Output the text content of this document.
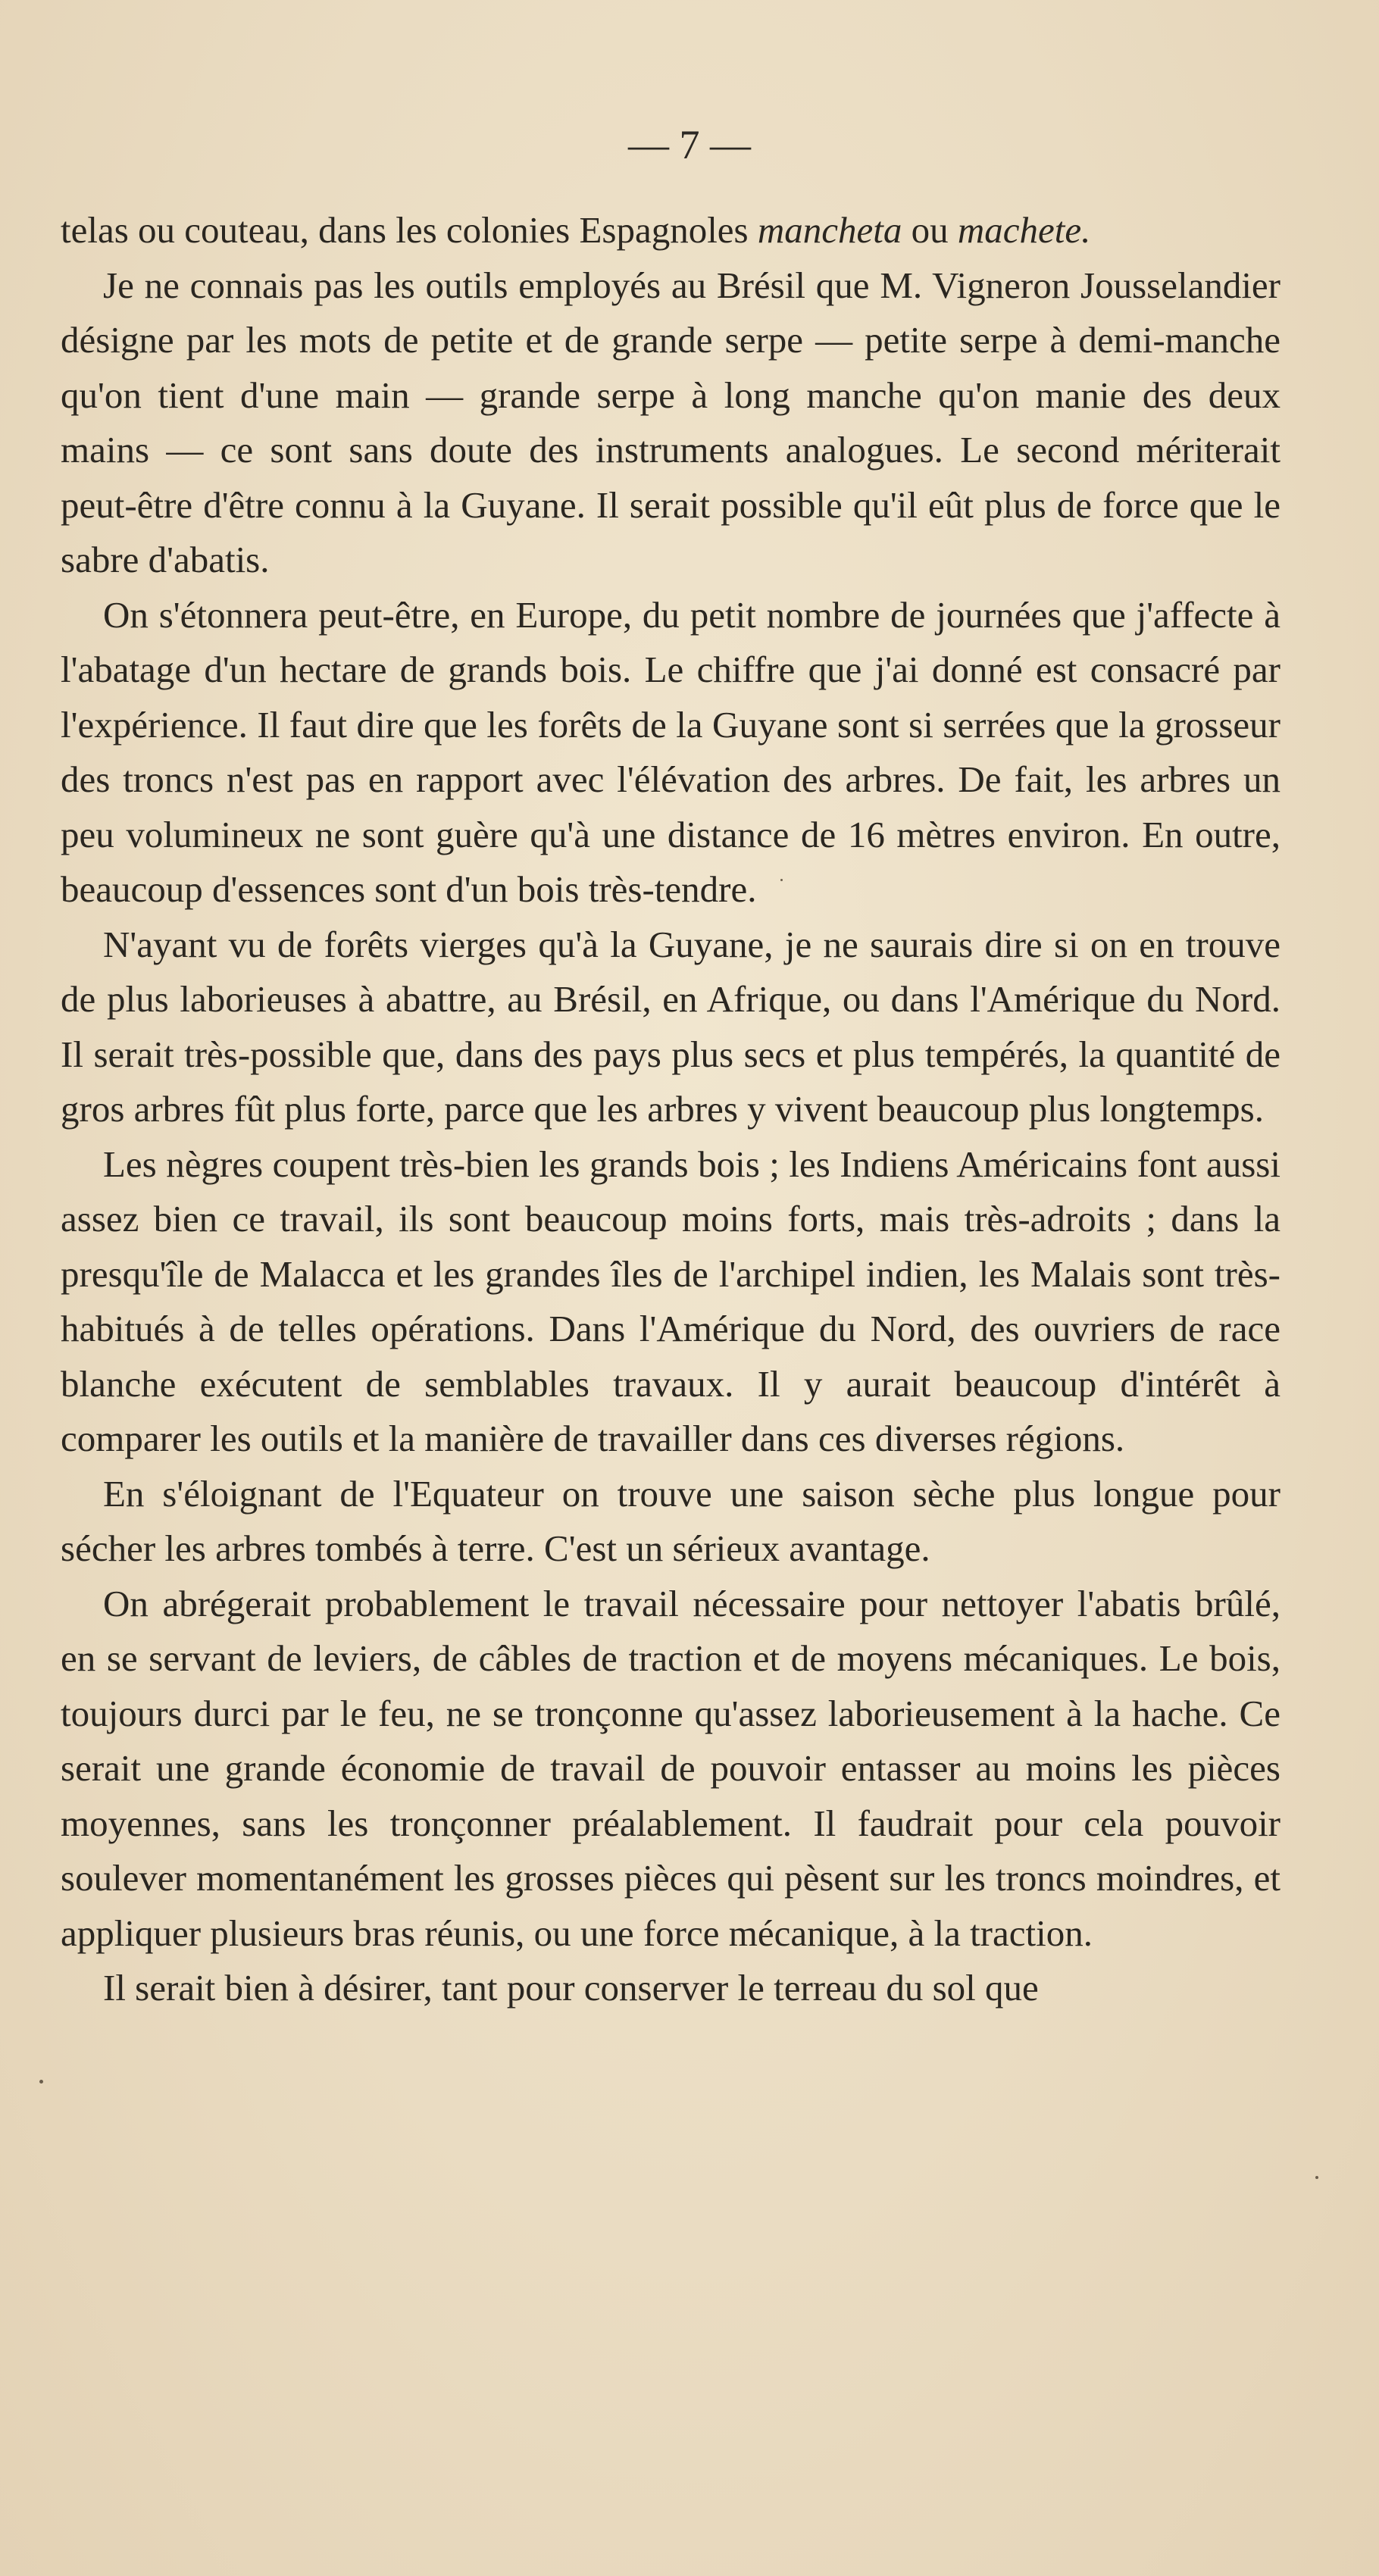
— 7 —

telas ou couteau, dans les colonies Espagnoles mancheta ou machete.

Je ne connais pas les outils employés au Brésil que M. Vigneron Jousselandier désigne par les mots de petite et de grande serpe — petite serpe à demi-manche qu'on tient d'une main — grande serpe à long manche qu'on manie des deux mains — ce sont sans doute des instruments analogues. Le second mériterait peut-être d'être connu à la Guyane. Il serait possible qu'il eût plus de force que le sabre d'abatis.

On s'étonnera peut-être, en Europe, du petit nombre de journées que j'affecte à l'abatage d'un hectare de grands bois. Le chiffre que j'ai donné est consacré par l'expérience. Il faut dire que les forêts de la Guyane sont si serrées que la grosseur des troncs n'est pas en rapport avec l'élévation des arbres. De fait, les arbres un peu volumineux ne sont guère qu'à une distance de 16 mètres environ. En outre, beaucoup d'essences sont d'un bois très-tendre.

N'ayant vu de forêts vierges qu'à la Guyane, je ne saurais dire si on en trouve de plus laborieuses à abattre, au Brésil, en Afrique, ou dans l'Amérique du Nord. Il serait très-possible que, dans des pays plus secs et plus tempérés, la quantité de gros arbres fût plus forte, parce que les arbres y vivent beaucoup plus longtemps.

Les nègres coupent très-bien les grands bois ; les Indiens Américains font aussi assez bien ce travail, ils sont beaucoup moins forts, mais très-adroits ; dans la presqu'île de Malacca et les grandes îles de l'archipel indien, les Malais sont très-habitués à de telles opérations. Dans l'Amérique du Nord, des ouvriers de race blanche exécutent de semblables travaux. Il y aurait beaucoup d'intérêt à comparer les outils et la manière de travailler dans ces diverses régions.

En s'éloignant de l'Equateur on trouve une saison sèche plus longue pour sécher les arbres tombés à terre. C'est un sérieux avantage.

On abrégerait probablement le travail nécessaire pour nettoyer l'abatis brûlé, en se servant de leviers, de câbles de traction et de moyens mécaniques. Le bois, toujours durci par le feu, ne se tronçonne qu'assez laborieusement à la hache. Ce serait une grande économie de travail de pouvoir entasser au moins les pièces moyennes, sans les tronçonner préalablement. Il faudrait pour cela pouvoir soulever momentanément les grosses pièces qui pèsent sur les troncs moindres, et appliquer plusieurs bras réunis, ou une force mécanique, à la traction.

Il serait bien à désirer, tant pour conserver le terreau du sol que
